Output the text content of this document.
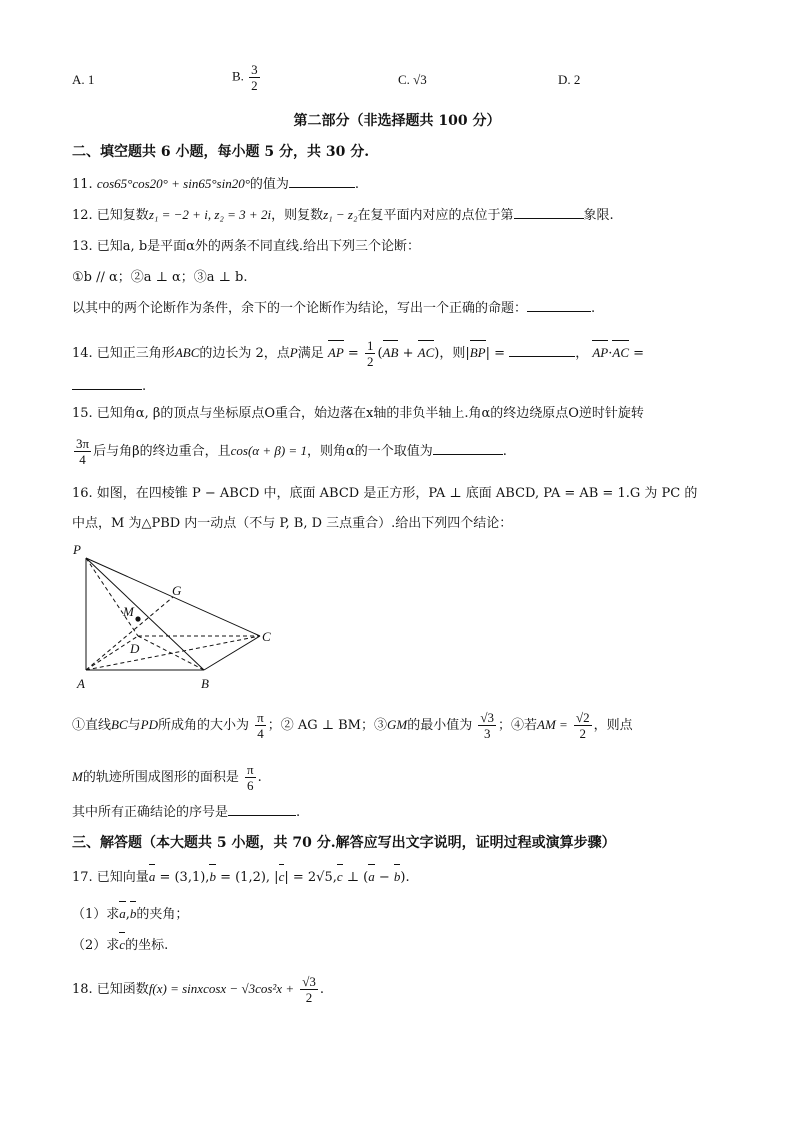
A. 1	B. $\frac{3}{2}$	C. √3	D. 2
第二部分（非选择题共 100 分）
二、填空题共 6 小题，每小题 5 分，共 30 分.
11. cos65°cos20° + sin65°sin20°的值为	.
12. 已知复数z₁ = −2 + i, z₂ = 3 + 2i，则复数z₁ − z₂在复平面内对应的点位于第	象限.
13. 已知a, b是平面α外的两条不同直线.给出下列三个论断：
①b // α；②a ⊥ α；③a ⊥ b.
以其中的两个论断作为条件，余下的一个论断作为结论，写出一个正确的命题：	.
14. 已知正三角形ABC的边长为 2，点P满足 AP = $\frac{1}{2} (AB + AC)$，则|BP| =	， AP·AC =
.
15. 已知角α, β的顶点与坐标原点O重合，始边落在x轴的非负半轴上.角α的终边绕原点O逆时针旋转
$\frac{3\pi}{4}$ 后与角β的终边重合，且cos(α + β) = 1，则角α的一个取值为	.
16. 如图，在四棱锥 P − ABCD 中，底面 ABCD 是正方形，PA ⊥ 底面 ABCD, PA = AB = 1.G 为 PC 的
中点，M 为△PBD 内一动点（不与 P, B, D 三点重合）.给出下列四个结论：
P
G
M
D
C
A	B
①直线BC与PD所成角的大小为 $\frac{\pi}{4}$ ；② AG ⊥ BM；③GM的最小值为 $\frac{√3}{3}$ ；④若AM = $\frac{√2}{2}$ ，则点
M的轨迹所围成图形的面积是 $\frac{\pi}{6}$ .
其中所有正确结论的序号是	.
三、解答题（本大题共 5 小题，共 70 分.解答应写出文字说明，证明过程或演算步骤）
17. 已知向量a = (3,1),b = (1,2), |c| = 2√5,c ⊥ (a − b).
（1）求a,b的夹角；
（2）求c的坐标.
18. 已知函数f(x) = sinxcosx − $√3\cos^2x + \frac{√3}{2}$ .
